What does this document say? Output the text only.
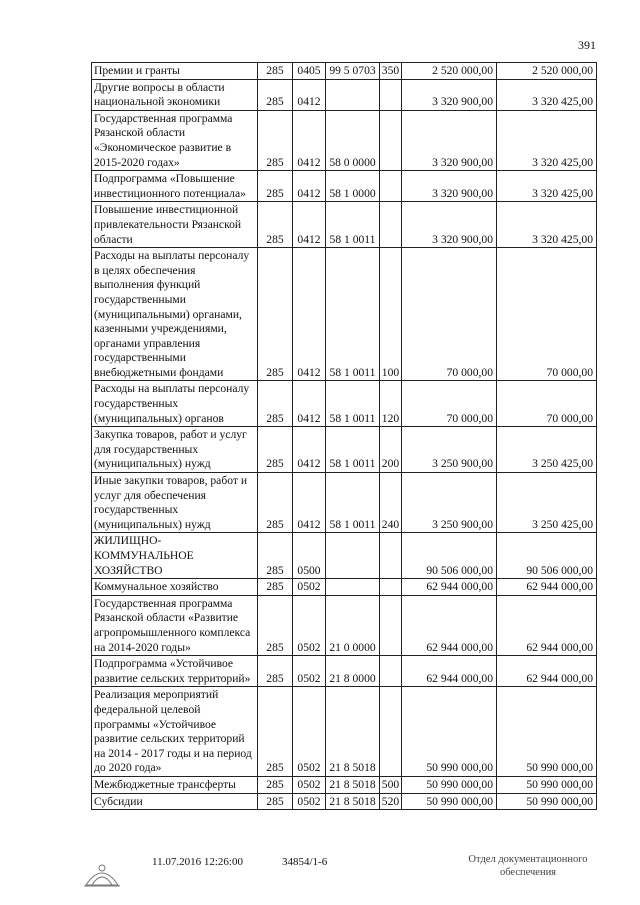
391
Премии и гранты	285	0405	99 5 0703	350	2 520 000,00	2 520 000,00
Другие вопросы в области национальной экономики	285	0412			3 320 900,00	3 320 425,00
Государственная программа Рязанской области «Экономическое развитие в 2015-2020 годах»	285	0412	58 0 0000		3 320 900,00	3 320 425,00
Подпрограмма «Повышение инвестиционного потенциала»	285	0412	58 1 0000		3 320 900,00	3 320 425,00
Повышение инвестиционной привлекательности Рязанской области	285	0412	58 1 0011		3 320 900,00	3 320 425,00
Расходы на выплаты персоналу в целях обеспечения выполнения функций государственными (муниципальными) органами, казенными учреждениями, органами управления государственными внебюджетными фондами	285	0412	58 1 0011	100	70 000,00	70 000,00
Расходы на выплаты персоналу государственных (муниципальных) органов	285	0412	58 1 0011	120	70 000,00	70 000,00
Закупка товаров, работ и услуг для государственных (муниципальных) нужд	285	0412	58 1 0011	200	3 250 900,00	3 250 425,00
Иные закупки товаров, работ и услуг для обеспечения государственных (муниципальных) нужд	285	0412	58 1 0011	240	3 250 900,00	3 250 425,00
ЖИЛИЩНО-КОММУНАЛЬНОЕ ХОЗЯЙСТВО	285	0500			90 506 000,00	90 506 000,00
Коммунальное хозяйство	285	0502			62 944 000,00	62 944 000,00
Государственная программа Рязанской области «Развитие агропромышленного комплекса на 2014-2020 годы»	285	0502	21 0 0000		62 944 000,00	62 944 000,00
Подпрограмма «Устойчивое развитие сельских территорий»	285	0502	21 8 0000		62 944 000,00	62 944 000,00
Реализация мероприятий федеральной целевой программы «Устойчивое развитие сельских территорий на 2014 - 2017 годы и на период до 2020 года»	285	0502	21 8 5018		50 990 000,00	50 990 000,00
Межбюджетные трансферты	285	0502	21 8 5018	500	50 990 000,00	50 990 000,00
Субсидии	285	0502	21 8 5018	520	50 990 000,00	50 990 000,00
11.07.2016 12:26:00	34854/1-6	Отдел документационного
обеспечения
